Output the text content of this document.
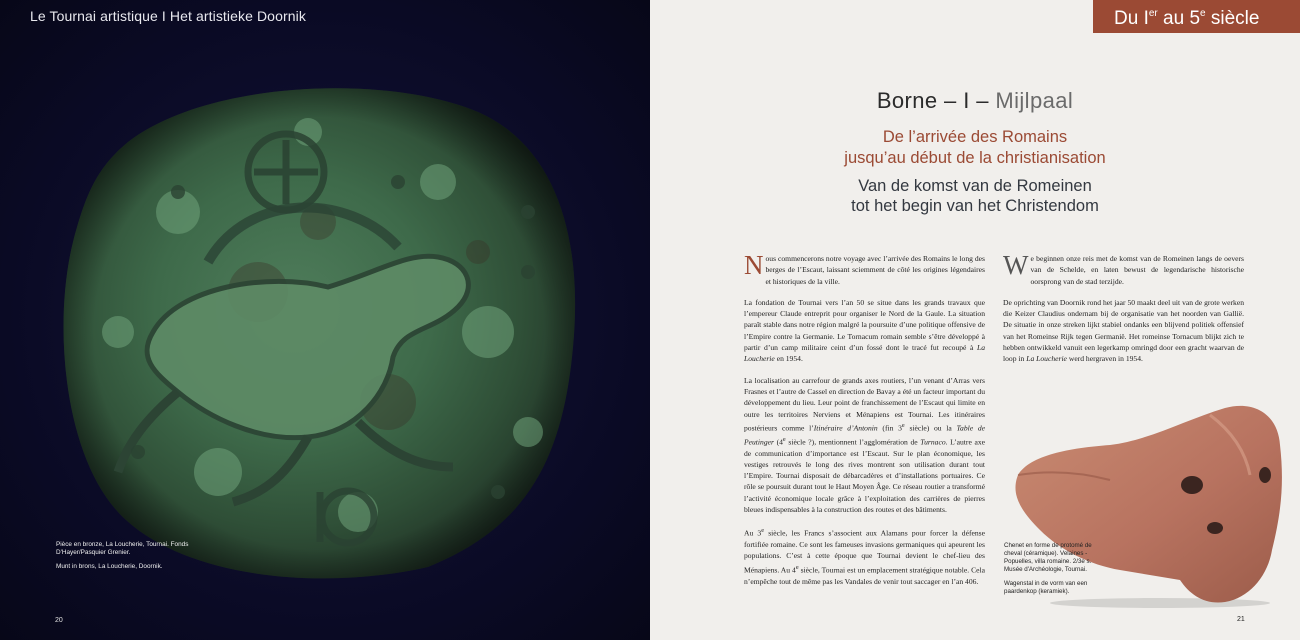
Le Tournai artistique I Het artistieke Doornik

Pièce en bronze, La Loucherie, Tournai. Fonds D'Hayer/Pasquier Grenier.

Munt in brons, La Loucherie, Doornik.

20
Du Ier au 5e siècle
Borne – I – Mijlpaal
De l’arrivée des Romains
jusqu’au début de la christianisation
Van de komst van de Romeinen
tot het begin van het Christendom

Nous commencerons notre voyage avec l’arrivée des Romains le long des berges de l’Escaut, laissant sciemment de côté les origines légendaires et historiques de la ville.

La fondation de Tournai vers l’an 50 se situe dans les grands travaux que l’empereur Claude entreprit pour organiser le Nord de la Gaule. La situation paraît stable dans notre région malgré la poursuite d’une politique offensive de l’Empire contre la Germanie. Le Tornacum romain semble s’être développé à partir d’un camp militaire ceint d’un fossé dont le tracé fut recoupé à La Loucherie en 1954.

La localisation au carrefour de grands axes routiers, l’un venant d’Arras vers Frasnes et l’autre de Cassel en direction de Bavay a été un facteur important du développement du lieu. Leur point de franchissement de l’Escaut qui limite en outre les territoires Nerviens et Ménapiens est Tournai. Les itinéraires postérieurs comme l’Itinéraire d’Antonin (fin 3e siècle) ou la Table de Peutinger (4e siècle ?), mentionnent l’agglomération de Turnaco. L’autre axe de communication d’importance est l’Escaut. Sur le plan économique, les vestiges retrouvés le long des rives montrent son utilisation durant tout l’Empire. Tournai disposait de débarcadères et d’installations portuaires. Ce rôle se poursuit durant tout le Haut Moyen Âge. Ce réseau routier a transformé l’activité économique locale grâce à l’exploitation des carrières de pierres bleues indispensables à la construction des routes et des bâtiments.

Au 3e siècle, les Francs s’associent aux Alamans pour forcer la défense fortifiée romaine. Ce sont les fameuses invasions germaniques qui apeurent les populations. C’est à cette époque que Tournai devient le chef-lieu des Ménapiens. Au 4e siècle, Tournai est un emplacement stratégique notable. Cela n’empêche tout de même pas les Vandales de venir tout saccager en l’an 406.

We beginnen onze reis met de komst van de Romeinen langs de oevers van de Schelde, en laten bewust de legendarische historische oorsprong van de stad terzijde.

De oprichting van Doornik rond het jaar 50 maakt deel uit van de grote werken die Keizer Claudius ondernam bij de organisatie van het noorden van Gallië. De situatie in onze streken lijkt stabiel ondanks een blijvend politiek offensief van het Romeinse Rijk tegen Germanië. Het romeinse Tornacum blijkt zich te hebben ontwikkeld vanuit een legerkamp omringd door een gracht waarvan de loop in La Loucherie werd hergraven in 1954.

Chenet en forme de protomé de cheval (céramique). Velaines - Popuelles, villa romaine. 2/3e s. Musée d'Archéologie, Tournai.

Wagenstal in de vorm van een paardenkop (keramiek).

21
